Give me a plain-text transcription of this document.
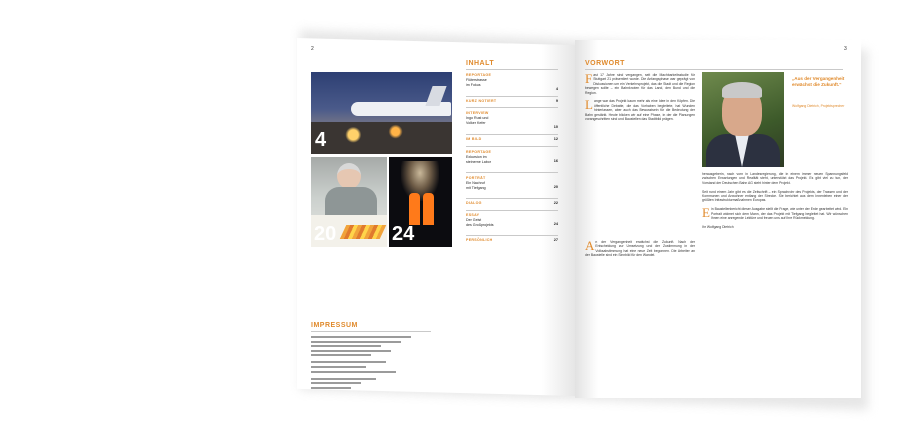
2
4
20	24
INHALT
REPORTAGE
Flüterstrasse
im Fokus
4
KURZ NOTIERT	9
INTERVIEW
Ingo Rust und
Volker Kefer
10
IM BILD	12
REPORTAGE
Exkursion im
steinerne Labor	16
PORTRÄT
Ein Nachruf
mit Tiefgang	20
DIALOG	22
ESSAY
Der Geist
des Großprojekts	24
PERSÖNLICH	27
IMPRESSUM
3
VORWORT
„Aus der Vergangenheit erwächst die Zukunft.“
Wolfgang Dietrich, Projektsprecher
Fast 17 Jahre sind vergangen, seit die Machbarkeitsstudie für Stuttgart 21 präsentiert wurde. Die Anfangsphase war geprägt von Diskussionen um ein Verkehrsprojekt, das die Stadt und die Region bewegen sollte – ein Bahnknoten für das Land, den Bund und die Region.

L ange war das Projekt kaum mehr als eine Idee in den Köpfen. Die öffentliche Debatte, die das Vorhaben begleitete, hat Wunden hinterlassen, aber auch das Bewusstsein für die Bedeutung der Bahn gestärkt. Heute blicken wir auf eine Phase, in der die Planungen vorangeschritten sind und Baustellen das Stadtbild prägen.
An der Vergangenheit erwächst die Zukunft. Nach der Entscheidung zur Umsetzung und der Zustimmung in der Volksabstimmung hat eine neue Zeit begonnen. Die Arbeiter an der Baustelle sind ein Sinnbild für den Wandel.
herausgeberin, nach vorn in Landesregierung, die in einem immer neuen Spannungsfeld zwischen Erwartungen und Realität steht, unterstützt das Projekt. Es gibt viel zu tun, der Vorstand der Deutschen Bahn AG steht hinter dem Projekt.

Seit rund einem Jahr gibt es die Zeitschrift – ein Sprachrohr des Projekts, der Trassen und der Kommunen und Anwohner entlang der Strecke. Sie berichtet aus dem Innenleben einer der größten Infrastrukturmaßnahmen Europas.

E in Baustellenbericht dieser Ausgabe stellt die Frage, wie unter der Erde gearbeitet wird. Ein Portrait widmet sich dem Mann, der das Projekt mit Tiefgang begleitet hat. Wir wünschen Ihnen eine anregende Lektüre und freuen uns auf Ihre Rückmeldung.

Ihr Wolfgang Dietrich
